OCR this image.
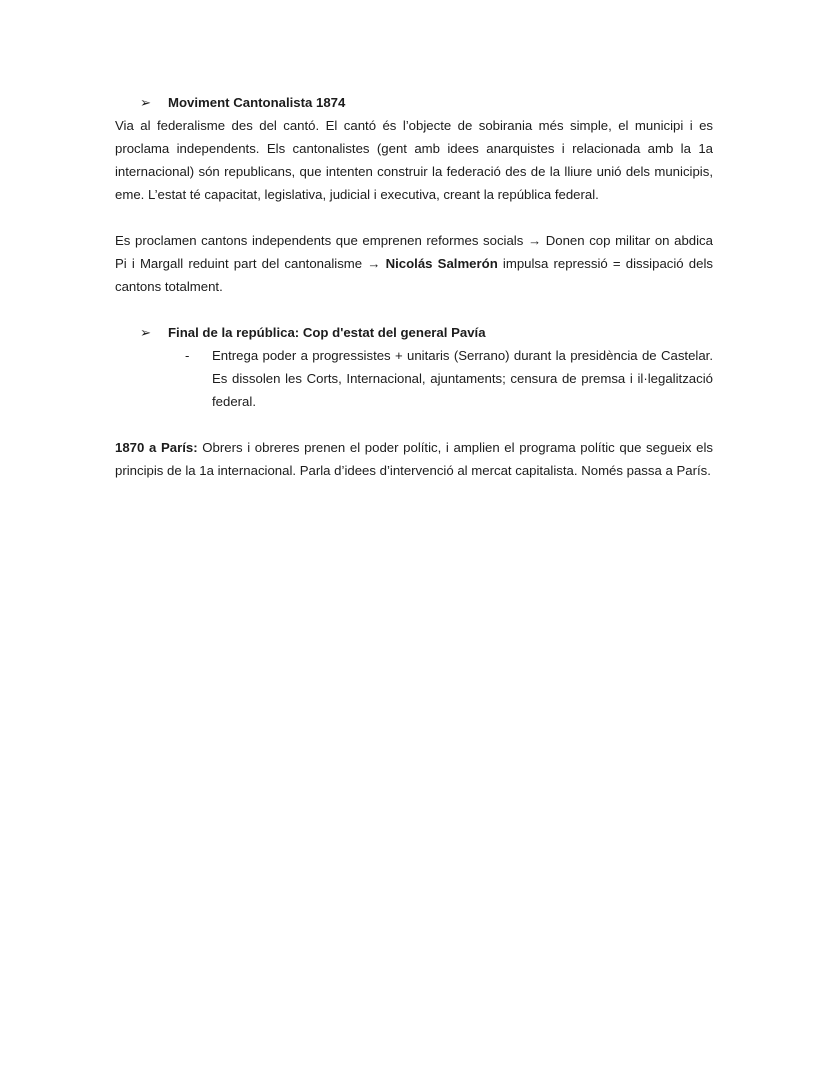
➢ Moviment Cantonalista 1874

Via al federalisme des del cantó. El cantó és l’objecte de sobirania més simple, el municipi i es proclama independents. Els cantonalistes (gent amb idees anarquistes i relacionada amb la 1a internacional) són republicans, que intenten construir la federació des de la lliure unió dels municipis, eme. L’estat té capacitat, legislativa, judicial i executiva, creant la república federal.

Es proclamen cantons independents que emprenen reformes socials → Donen cop militar on abdica Pi i Margall reduint part del cantonalisme → Nicolás Salmerón impulsa repressió = dissipació dels cantons totalment.

➢ Final de la república: Cop d'estat del general Pavía

- Entrega poder a progressistes + unitaris (Serrano) durant la presidència de Castelar. Es dissolen les Corts, Internacional, ajuntaments; censura de premsa i il·legalització federal.

1870 a París: Obrers i obreres prenen el poder polític, i amplien el programa polític que segueix els principis de la 1a internacional. Parla d’idees d’intervenció al mercat capitalista. Només passa a París.
